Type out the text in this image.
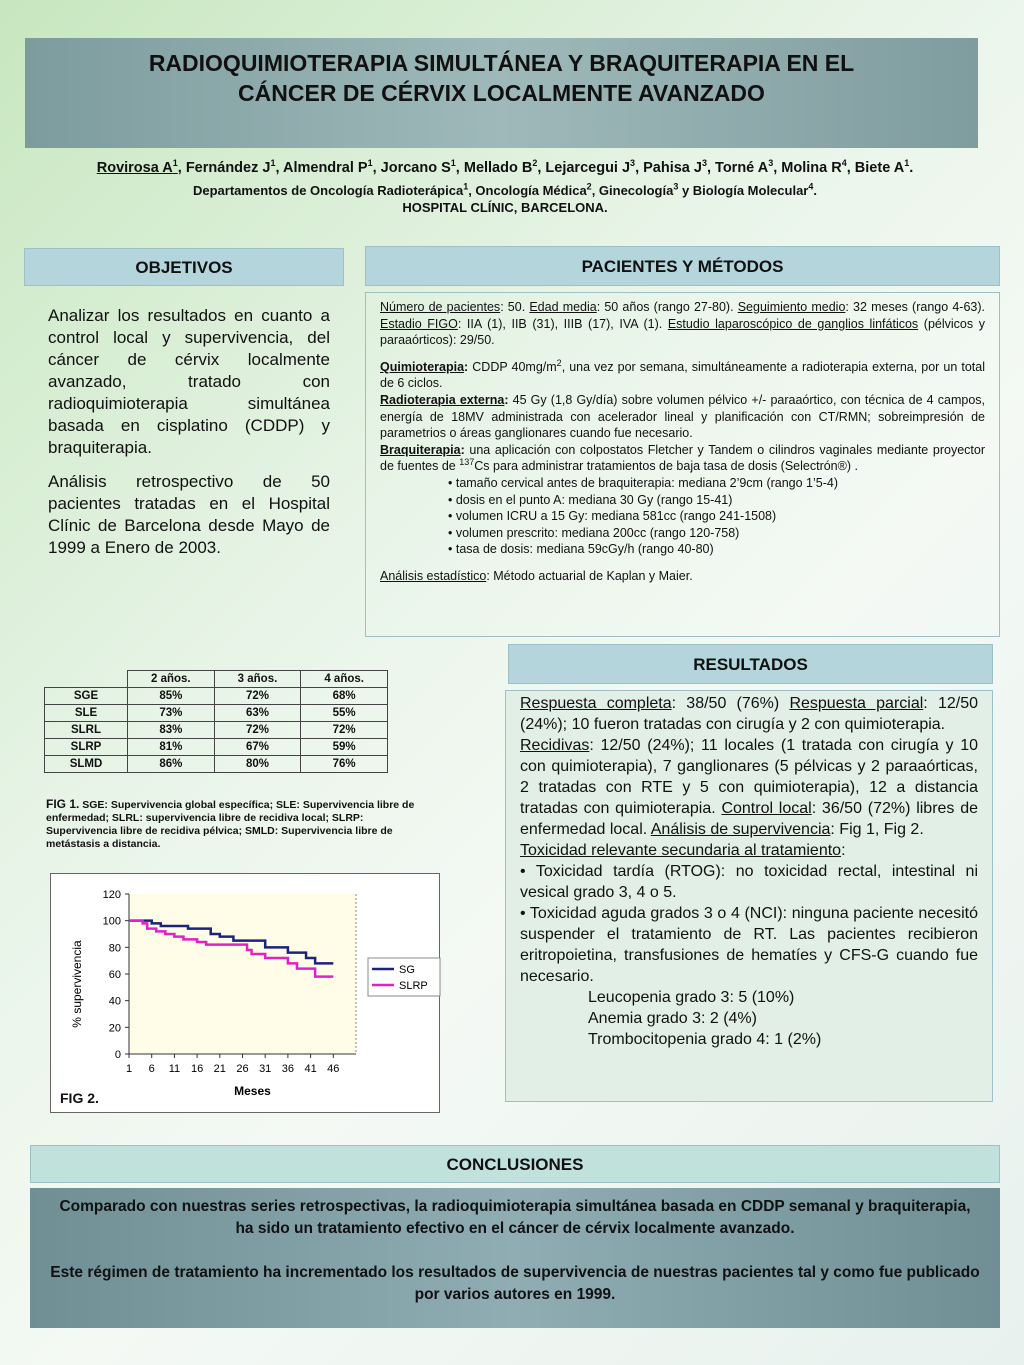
RADIOQUIMIOTERAPIA SIMULTÁNEA Y BRAQUITERAPIA EN EL
CÁNCER DE CÉRVIX LOCALMENTE AVANZADO
Rovirosa $A^1$, Fernández $J^1$, Almendral $P^1$, Jorcano $S^1$, Mellado $B^2$, Lejarcegui $J^3$, Pahisa $J^3$, Torné $A^3$, Molina $R^4$, Biete $A^1$.
Departamentos de Oncología Radioterápica$^1$, Oncología Médica$^2$, Ginecología$^3$ y Biología Molecular$^4$.
HOSPITAL CLÍNIC, BARCELONA.
OBJETIVOS

Analizar los resultados en cuanto a control local y supervivencia, del cáncer de cérvix localmente avanzado, tratado con radioquimioterapia simultánea basada en cisplatino (CDDP) y braquiterapia.

Análisis retrospectivo de 50 pacientes tratadas en el Hospital Clínic de Barcelona desde Mayo de 1999 a Enero de 2003.

PACIENTES Y MÉTODOS

Número de pacientes: 50. Edad media: 50 años (rango 27-80). Seguimiento medio: 32 meses (rango 4-63). Estadio FIGO: IIA (1), IIB (31), IIIB (17), IVA (1). Estudio laparoscópico de ganglios linfáticos (pélvicos y paraaórticos): 29/50.

Quimioterapia: CDDP $40mg/m^2$, una vez por semana, simultáneamente a radioterapia externa, por un total de 6 ciclos.

Radioterapia externa: 45 Gy (1,8 Gy/día) sobre volumen pélvico +/- paraaórtico, con técnica de 4 campos, energía de 18MV administrada con acelerador lineal y planificación con CT/RMN; sobreimpresión de parametrios o áreas ganglionares cuando fue necesario.

Braquiterapia: una aplicación con colpostatos Fletcher y Tandem o cilindros vaginales mediante proyector de fuentes de $^{137}$Cs para administrar tratamientos de baja tasa de dosis (Selectrón®) .

• tamaño cervical antes de braquiterapia: mediana 2’9cm (rango 1’5-4)
• dosis en el punto A: mediana 30 Gy (rango 15-41)
• volumen ICRU a 15 Gy: mediana 581cc (rango 241-1508)
• volumen prescrito: mediana 200cc (rango 120-758)
• tasa de dosis: mediana 59cGy/h (rango 40-80)

Análisis estadístico: Método actuarial de Kaplan y Maier.

	2 años.	3 años.	4 años.
SGE	85%	72%	68%
SLE	73%	63%	55%
SLRL	83%	72%	72%
SLRP	81%	67%	59%
SLMD	86%	80%	76%
FIG 1. SGE: Supervivencia global específica; SLE: Supervivencia libre de enfermedad; SLRL: supervivencia libre de recidiva local; SLRP: Supervivencia libre de recidiva pélvica; SMLD: Supervivencia libre de metástasis a distancia.
0
20
40
60
80
100
120
1 6 11 16 21 26 31 36 41 46
Meses
% supervivencia	SG
SLRP
FIG 2.
RESULTADOS

Respuesta completa: 38/50 (76%) Respuesta parcial: 12/50 (24%); 10 fueron tratadas con cirugía y 2 con quimioterapia.

Recidivas: 12/50 (24%); 11 locales (1 tratada con cirugía y 10 con quimioterapia), 7 ganglionares (5 pélvicas y 2 paraaórticas, 2 tratadas con RTE y 5 con quimioterapia), 12 a distancia tratadas con quimioterapia. Control local: 36/50 (72%) libres de enfermedad local. Análisis de supervivencia: Fig 1, Fig 2.

Toxicidad relevante secundaria al tratamiento:

• Toxicidad tardía (RTOG): no toxicidad rectal, intestinal ni vesical grado 3, 4 o 5.

• Toxicidad aguda grados 3 o 4 (NCI): ninguna paciente necesitó suspender el tratamiento de RT. Las pacientes recibieron eritropoietina, transfusiones de hematíes y CFS-G cuando fue necesario.

Leucopenia grado 3: 5 (10%)

Anemia grado 3: 2 (4%)

Trombocitopenia grado 4: 1 (2%)

CONCLUSIONES

Comparado con nuestras series retrospectivas, la radioquimioterapia simultánea basada en CDDP semanal y braquiterapia, ha sido un tratamiento efectivo en el cáncer de cérvix localmente avanzado.

Este régimen de tratamiento ha incrementado los resultados de supervivencia de nuestras pacientes tal y como fue publicado por varios autores en 1999.
